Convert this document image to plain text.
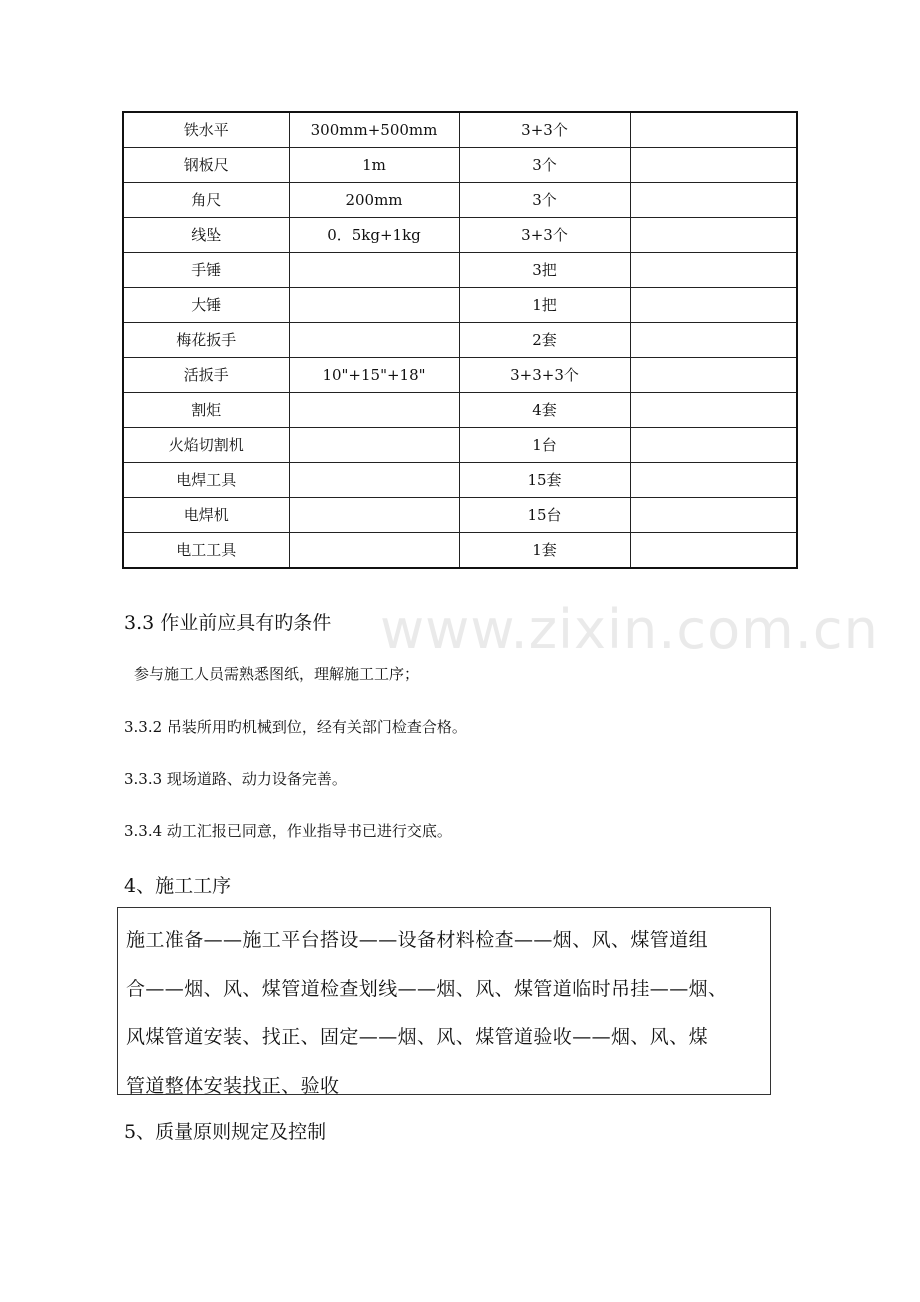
铁水平	300mm+500mm	3+3个	
钢板尺	1m	3个	
角尺	200mm	3个	
线坠	0．5kg+1kg	3+3个	
手锤		3把	
大锤		1把	
梅花扳手		2套	
活扳手	10"+15"+18"	3+3+3个	
割炬		4套	
火焰切割机		1台	
电焊工具		15套	
电焊机		15台	
电工工具		1套	
www.zixin.com.cn
3.3 作业前应具有旳条件
参与施工人员需熟悉图纸，理解施工工序；
3.3.2 吊装所用旳机械到位，经有关部门检查合格。
3.3.3 现场道路、动力设备完善。
3.3.4 动工汇报已同意，作业指导书已进行交底。
4、施工工序
施工准备——施工平台搭设——设备材料检查——烟、风、煤管道组
合——烟、风、煤管道检查划线——烟、风、煤管道临时吊挂——烟、
风煤管道安装、找正、固定——烟、风、煤管道验收——烟、风、煤
管道整体安装找正、验收
5、质量原则规定及控制
